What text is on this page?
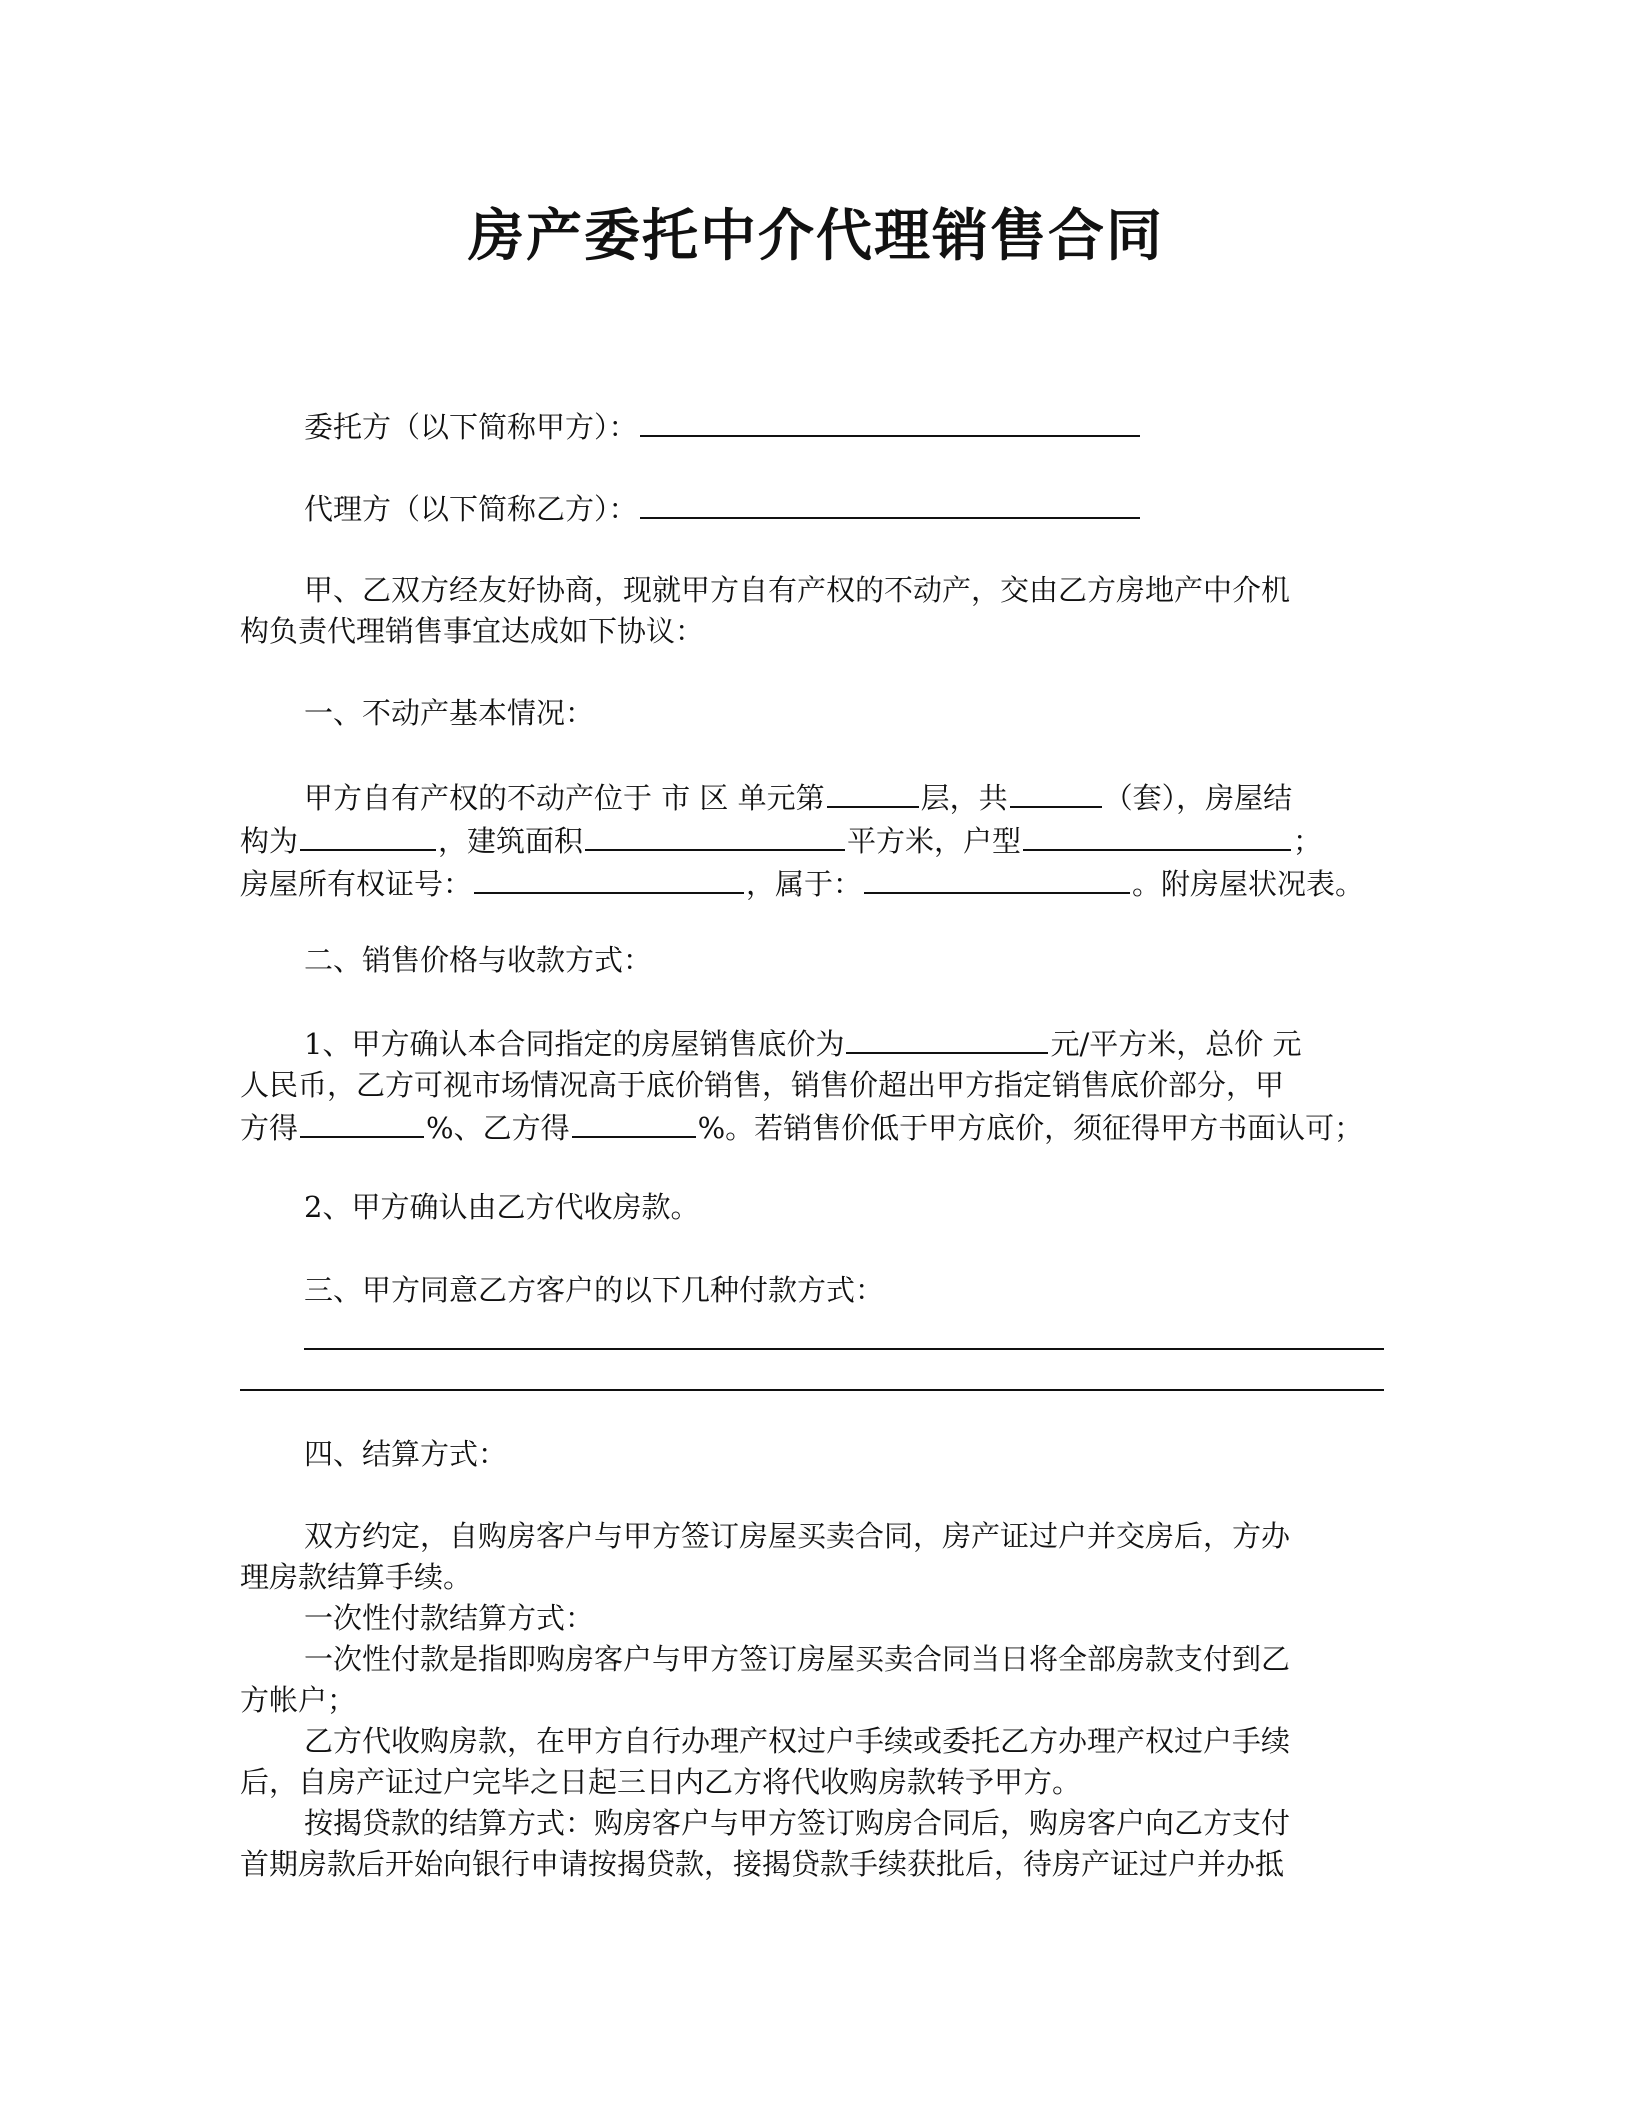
房产委托中介代理销售合同
委托方（以下简称甲方）：
代理方（以下简称乙方）：
甲、乙双方经友好协商，现就甲方自有产权的不动产，交由乙方房地产中介机
构负责代理销售事宜达成如下协议：
一、不动产基本情况：
甲方自有产权的不动产位于 市 区 单元第	层，共	（套），房屋结
构为	，建筑面积	平方米，户型	；
房屋所有权证号：	，属于：	。附房屋状况表。
二、销售价格与收款方式：
1、甲方确认本合同指定的房屋销售底价为	元/平方米，总价 元
人民币，乙方可视市场情况高于底价销售，销售价超出甲方指定销售底价部分，甲
方得	%、乙方得	%。若销售价低于甲方底价，须征得甲方书面认可；
2、甲方确认由乙方代收房款。
三、甲方同意乙方客户的以下几种付款方式：
四、结算方式：
双方约定，自购房客户与甲方签订房屋买卖合同，房产证过户并交房后，方办
理房款结算手续。
一次性付款结算方式：
一次性付款是指即购房客户与甲方签订房屋买卖合同当日将全部房款支付到乙
方帐户；
乙方代收购房款，在甲方自行办理产权过户手续或委托乙方办理产权过户手续
后，自房产证过户完毕之日起三日内乙方将代收购房款转予甲方。
按揭贷款的结算方式：购房客户与甲方签订购房合同后，购房客户向乙方支付
首期房款后开始向银行申请按揭贷款，接揭贷款手续获批后，待房产证过户并办抵
